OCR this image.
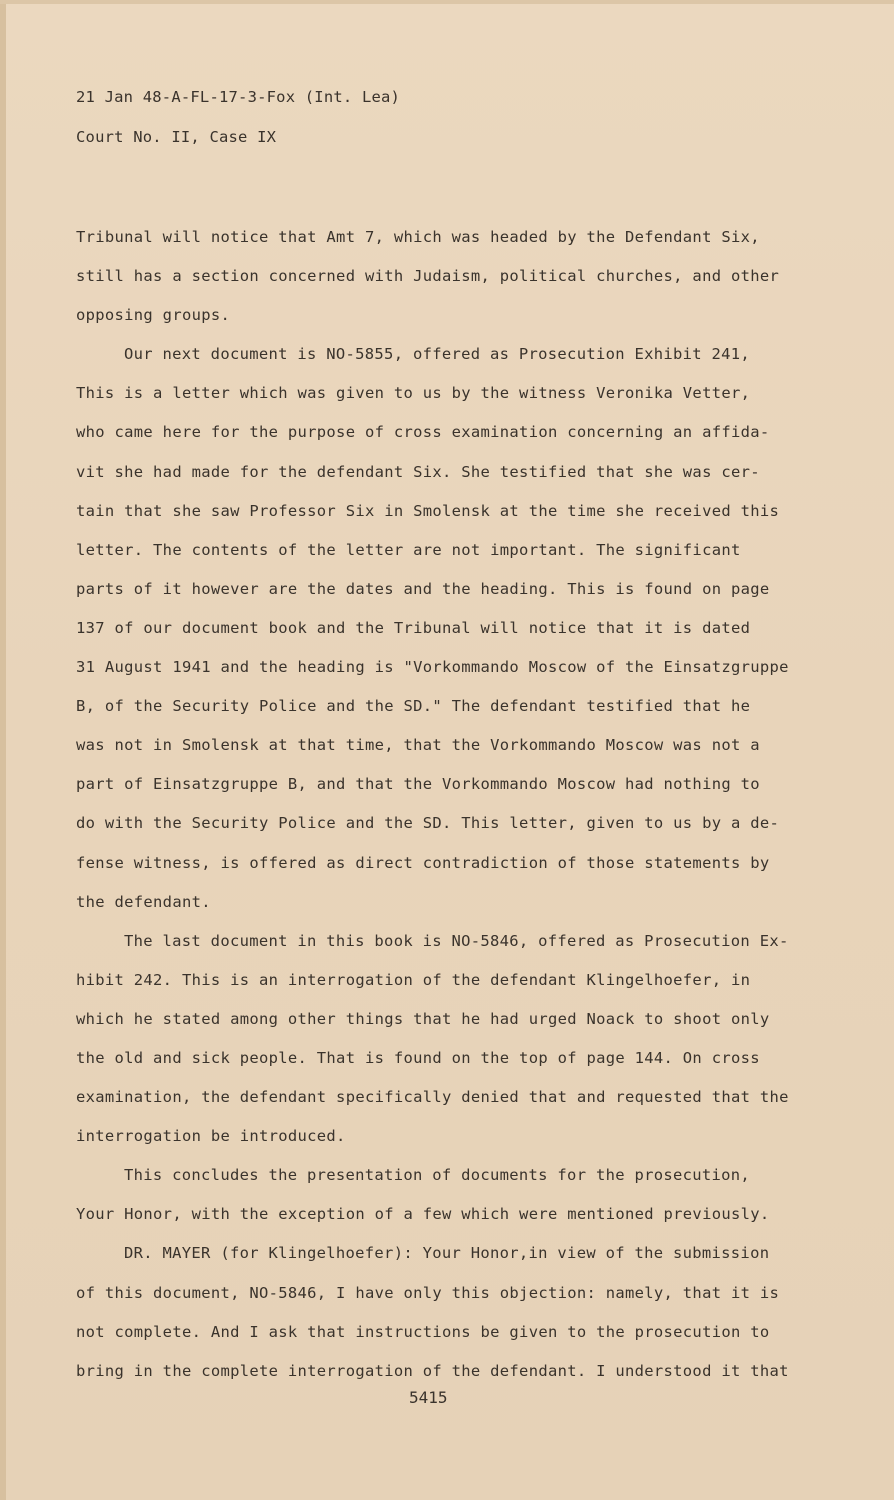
21 Jan 48-A-FL-17-3-Fox (Int. Lea)
Court No. II, Case IX

Tribunal will notice that Amt 7, which was headed by the Defendant Six,
still has a section concerned with Judaism, political churches, and other
opposing groups.

Our next document is NO-5855, offered as Prosecution Exhibit 241,
This is a letter which was given to us by the witness Veronika Vetter,
who came here for the purpose of cross examination concerning an affida-
vit she had made for the defendant Six. She testified that she was cer-
tain that she saw Professor Six in Smolensk at the time she received this
letter. The contents of the letter are not important. The significant
parts of it however are the dates and the heading. This is found on page
137 of our document book and the Tribunal will notice that it is dated
31 August 1941 and the heading is "Vorkommando Moscow of the Einsatzgruppe
B, of the Security Police and the SD." The defendant testified that he
was not in Smolensk at that time, that the Vorkommando Moscow was not a
part of Einsatzgruppe B, and that the Vorkommando Moscow had nothing to
do with the Security Police and the SD. This letter, given to us by a de-
fense witness, is offered as direct contradiction of those statements by
the defendant.

The last document in this book is NO-5846, offered as Prosecution Ex-
hibit 242. This is an interrogation of the defendant Klingelhoefer, in
which he stated among other things that he had urged Noack to shoot only
the old and sick people. That is found on the top of page 144. On cross
examination, the defendant specifically denied that and requested that the
interrogation be introduced.

This concludes the presentation of documents for the prosecution,
Your Honor, with the exception of a few which were mentioned previously.

DR. MAYER (for Klingelhoefer): Your Honor,in view of the submission
of this document, NO-5846, I have only this objection: namely, that it is
not complete. And I ask that instructions be given to the prosecution to
bring in the complete interrogation of the defendant. I understood it that

5415
